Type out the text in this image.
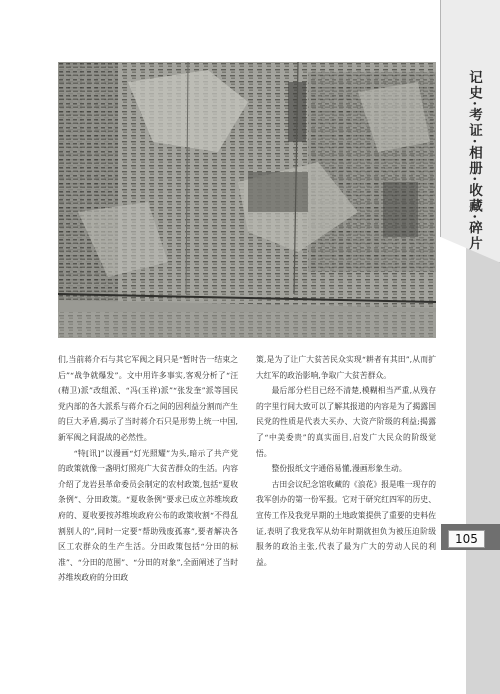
记史·考证·相册·收藏·碎片
105

们,当前蒋介石与其它军阀之间只是“暂时告一结束之后”“战争就爆发”。文中用许多事实,客观分析了“汪(精卫)派”改组派、“冯(玉祥)派”“张发奎”派等国民党内部的各大派系与蒋介石之间的因利益分割而产生的巨大矛盾,揭示了当时蒋介石只是形势上统一中国,新军阀之间混战的必然性。

“特[讯]”以漫画“灯光照耀”为头,暗示了共产党的政策就像一盏明灯照亮广大贫苦群众的生活。内容介绍了龙岩县革命委员会制定的农村政策,包括“夏收条例”、分田政策。“夏收条例”要求已成立苏维埃政府的、夏收要按苏维埃政府公布的政策收割“不得乱割别人的”,同时一定要“帮助残废孤寡”,要者解决各区工农群众的生产生活。分田政策包括“分田的标准”、“分田的范围”、“分田的对象”,全面阐述了当时苏维埃政府的分田政

策,是为了让广大贫苦民众实现“耕者有其田”,从而扩大红军的政治影响,争取广大贫苦群众。

最后部分栏目已经不清楚,模糊相当严重,从残存的字里行间大致可以了解其报道的内容是为了揭露国民党的性质是代表大买办、大资产阶级的利益;揭露了“中美委贵”的真实面目,启发广大民众的阶级觉悟。

整份报纸文字通俗易懂,漫画形象生动。

古田会议纪念馆收藏的《浪花》报是唯一现存的我军创办的第一份军报。它对于研究红四军的历史、宣传工作及我党早期的土地政策提供了重要的史料佐证,表明了我党我军从幼年时期就担负为被压迫阶级服务的政治主张,代表了最为广大的劳动人民的利益。
